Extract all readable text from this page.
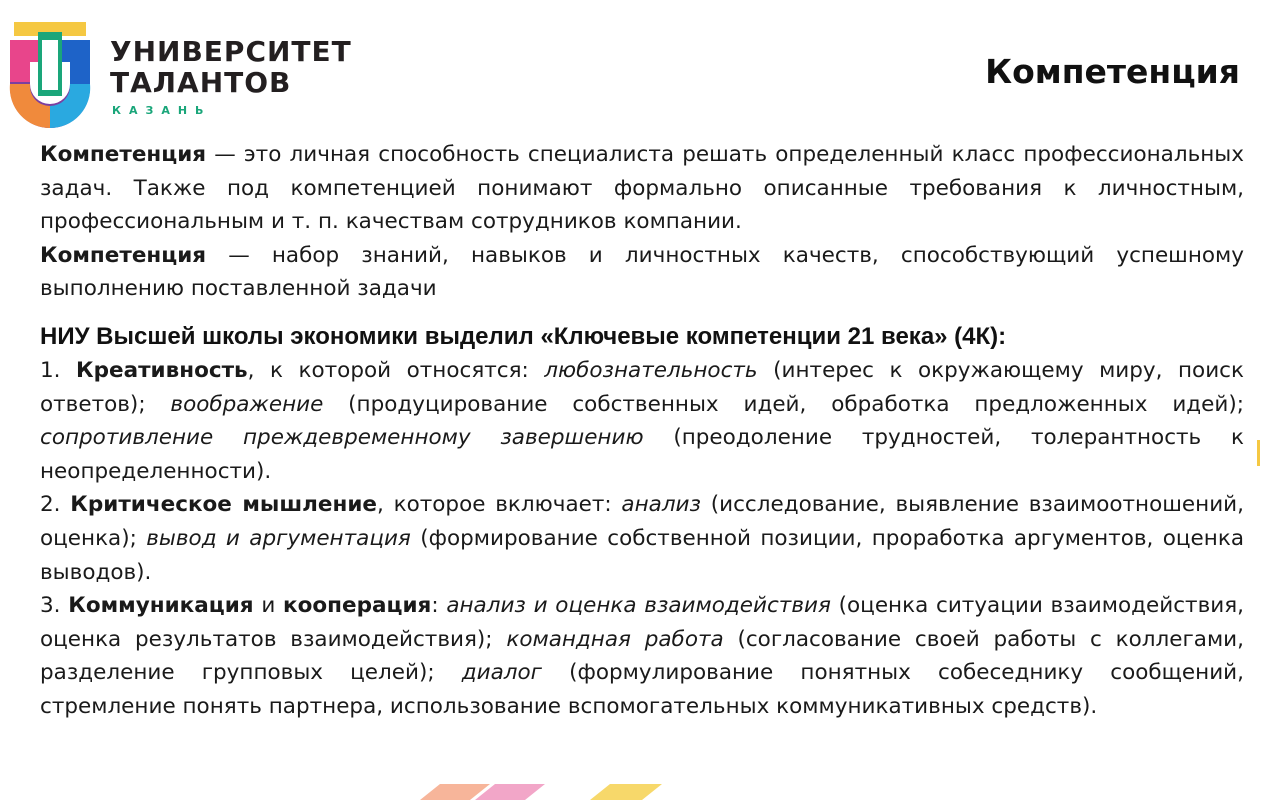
УНИВЕРСИТЕТ
ТАЛАНТОВ
КАЗАНЬ
Компетенция

Компетенция — это личная способность специалиста решать определенный класс профессиональных задач. Также под компетенцией понимают формально описанные требования к личностным, профессиональным и т. п. качествам сотрудников компании.

Компетенция — набор знаний, навыков и личностных качеств, способствующий успешному выполнению поставленной задачи

НИУ Высшей школы экономики выделил «Ключевые компетенции 21 века» (4К):

1. Креативность, к которой относятся: любознательность (интерес к окружающему миру, поиск ответов); воображение (продуцирование собственных идей, обработка предложенных идей); сопротивление преждевременному завершению (преодоление трудностей, толерантность к неопределенности).

2. Критическое мышление, которое включает: анализ (исследование, выявление взаимоотношений, оценка); вывод и аргументация (формирование собственной позиции, проработка аргументов, оценка выводов).

3. Коммуникация и кооперация: анализ и оценка взаимодействия (оценка ситуации взаимодействия, оценка результатов взаимодействия); командная работа (согласование своей работы с коллегами, разделение групповых целей); диалог (формулирование понятных собеседнику сообщений, стремление понять партнера, использование вспомогательных коммуникативных средств).
